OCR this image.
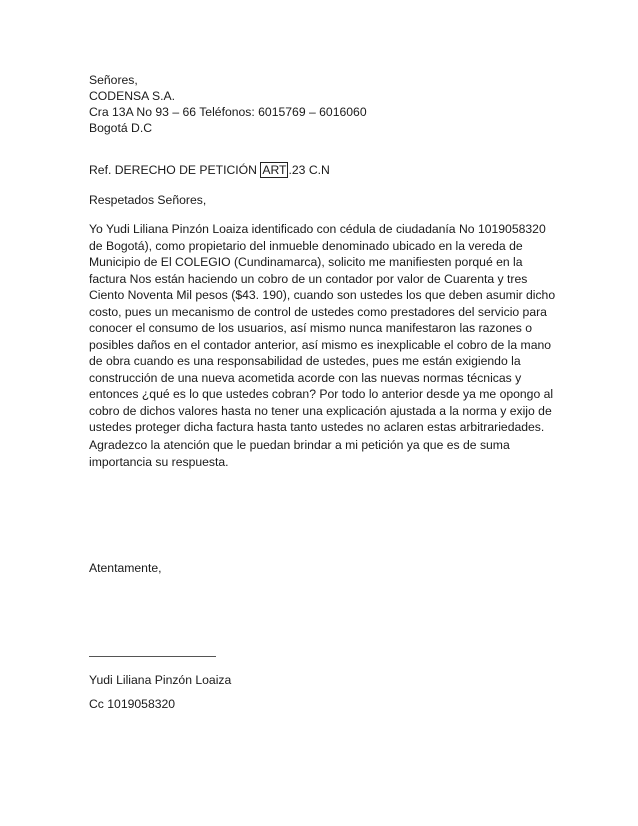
Señores,
CODENSA S.A.
Cra 13A No 93 – 66 Teléfonos: 6015769 – 6016060
Bogotá D.C
Ref. DERECHO DE PETICIÓN ART .23 C.N
Respetados Señores,
Yo Yudi Liliana Pinzón Loaiza identificado con cédula de ciudadanía No 1019058320 de Bogotá), como propietario del inmueble denominado ubicado en la vereda de Municipio de El COLEGIO (Cundinamarca), solicito me manifiesten porqué en la factura Nos están haciendo un cobro de un contador por valor de Cuarenta y tres Ciento Noventa Mil pesos ($43. 190), cuando son ustedes los que deben asumir dicho costo, pues un mecanismo de control de ustedes como prestadores del servicio para conocer el consumo de los usuarios, así mismo nunca manifestaron las razones o posibles daños en el contador anterior, así mismo es inexplicable el cobro de la mano de obra cuando es una responsabilidad de ustedes, pues me están exigiendo la construcción de una nueva acometida acorde con las nuevas normas técnicas y entonces ¿qué es lo que ustedes cobran? Por todo lo anterior desde ya me opongo al cobro de dichos valores hasta no tener una explicación ajustada a la norma y exijo de ustedes proteger dicha factura hasta tanto ustedes no aclaren estas arbitrariedades.
Agradezco la atención que le puedan brindar a mi petición ya que es de suma importancia su respuesta.
Atentamente,
Yudi Liliana Pinzón Loaiza
Cc 1019058320
